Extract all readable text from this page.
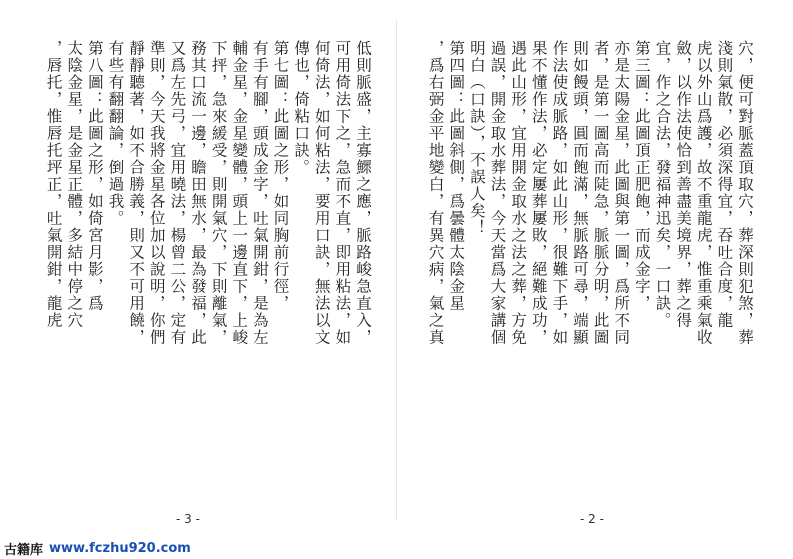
低則脈盛，主寡鰥之應，脈路峻急直入，
可用倚法下之，急而不直，即用粘法，如
何倚法，如何粘法，要用口訣，無法以文
傳也，倚粘口訣。
第七圖：此圖之形，如同胸前行徑，
有手有腳，頭成金字，吐氣開鉗，是為左
輔金星，金星變體，頭上一邊直下，上峻
下抨，急來緩受，則開氣穴，下則離氣，
務其口流一邊，瞻田無水，最為發福，此
又爲左先弓，宜用曉法，楊曾二公，定有
準則，今天我將金星各位加以說明，你們
靜靜聽著，如不合勝義，則又不可用饒，
有些有翻翻論，倒過我。
第八圖：此圖之形，如倚宮月影，爲
太陰金星，是金星正體，多結中停之穴
，唇托，惟唇托坪正，吐氣開鉗，龍虎	穴，便可對脈蓋頂取穴，葬深則犯煞，葬
淺則氣散，必須深得宜，吞吐合度，龍
虎以外山爲護，故不重龍虎，惟重乘氣收
斂，以作法使恰到善盡美境界，葬之得
宜，作之合法，發福神迅矣，一口訣。
第三圖：此圖頂正肥飽，而成金字，
亦是太陽金星，此圖與第一圖，爲所不同
者，是第一圖高而陡急，脈脈分明，此圖
則如饅頭，圓而飽滿，無脈路可尋，端顯
作法使成脈路，如此山形，很難下手，如
果不懂作法，必定屢葬屢敗，絕難成功，
遇此山形，宜用開金取水之法之葬，方免
過誤，開金取水葬法，今天當爲大家講個
明白（口訣），不誤人矣！
第四圖：此圖斜側，爲曇體太陰金星
，爲右弼金平地變白，有異穴病，氣之真
- 3 -	- 2 -
古籍库 www.fczhu920.com
